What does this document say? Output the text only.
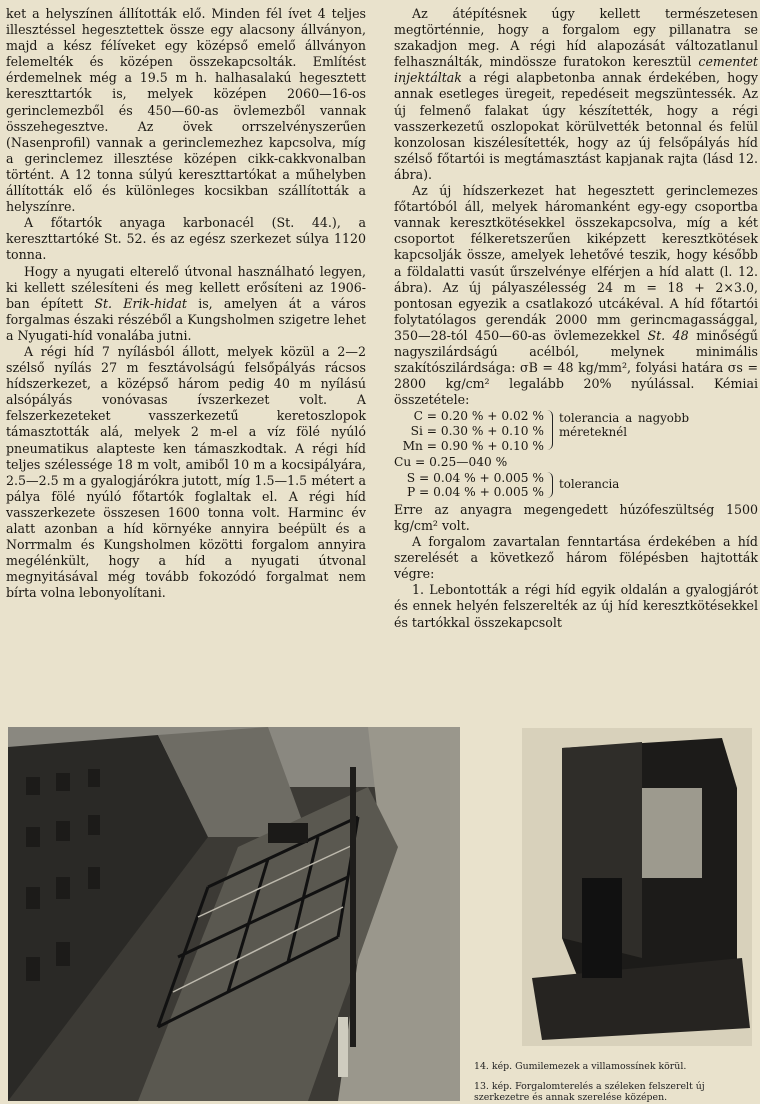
ket a helyszínen állították elő. Minden fél ívet 4 teljes illesztéssel hegesztettek össze egy alacsony állványon, majd a kész félíveket egy középső emelő állványon felemelték és középen összekapcsolták. Említést érdemelnek még a 19.5 m h. halhasalakú hegesztett kereszttartók is, melyek középen 2060—16-os gerinclemezből és 450—60-as övlemezből vannak összehegesztve. Az övek orrszelvényszerűen (Nasenprofil) vannak a gerinclemezhez kapcsolva, míg a gerinclemez illesztése középen cikk-cakkvonalban történt. A 12 tonna súlyú kereszttartókat a műhelyben állították elő és különleges kocsikban szállították a helyszínre.

A főtartók anyaga karbonacél (St. 44.), a kereszttartóké St. 52. és az egész szerkezet súlya 1120 tonna.

Hogy a nyugati elterelő útvonal használható legyen, ki kellett szélesíteni és meg kellett erősíteni az 1906-ban épített St. Erik-hidat is, amelyen át a város forgalmas északi részéből a Kungsholmen szigetre lehet a Nyugati-híd vonalába jutni.

A régi híd 7 nyílásból állott, melyek közül a 2—2 szélső nyílás 27 m fesztávolságú felsőpályás rácsos hídszerkezet, a középső három pedig 40 m nyílású alsópályás vonóvasas ívszerkezet volt. A felszerkezeteket vasszerkezetű keretoszlopok támasztották alá, melyek 2 m-el a víz fölé nyúló pneumatikus alapteste ken támaszkodtak. A régi híd teljes szélessége 18 m volt, amiből 10 m a kocsipályára, 2.5—2.5 m a gyalogjárókra jutott, míg 1.5—1.5 métert a pálya fölé nyúló főtartók foglaltak el. A régi híd vasszerkezete összesen 1600 tonna volt. Harminc év alatt azonban a híd környéke annyira beépült és a Norrmalm és Kungsholmen közötti forgalom annyira megélénkült, hogy a híd a nyugati útvonal megnyitásával még tovább fokozódó forgalmat nem bírta volna lebonyolítani.

Az átépítésnek úgy kellett természetesen megtörténnie, hogy a forgalom egy pillanatra se szakadjon meg. A régi híd alapozását változatlanul felhasználták, mindössze furatokon keresztül cementet injektáltak a régi alapbetonba annak érdekében, hogy annak esetleges üregeit, repedéseit megszüntessék. Az új felmenő falakat úgy készítették, hogy a régi vasszerkezetű oszlopokat körülvették betonnal és felül konzolosan kiszélesítették, hogy az új felsőpályás híd szélső főtartói is megtámasztást kapjanak rajta (lásd 12. ábra).

Az új hídszerkezet hat hegesztett gerinclemezes főtartóból áll, melyek háromanként egy-egy csoportba vannak keresztkötésekkel összekapcsolva, míg a két csoportot félkeretszerűen kiképzett keresztkötések kapcsolják össze, amelyek lehetővé teszik, hogy később a földalatti vasút űrszelvénye elférjen a híd alatt (l. 12. ábra). Az új pályaszélesség 24 m = 18 + 2×3.0, pontosan egyezik a csatlakozó utcákéval. A híd főtartói folytatólagos gerendák 2000 mm gerincmagassággal, 350—28-tól 450—60-as övlemezekkel St. 48 minőségű nagyszilárdságú acélból, melynek minimális szakítószilárdsága: σB = 48 kg/mm², folyási határa σs = 2800 kg/cm² legalább 20% nyúlással. Kémiai összetétele:

C = 0.20 % + 0.02 %
Si = 0.30 % + 0.10 %
Mn = 0.90 % + 0.10 %
tolerancia a nagyobb méreteknél
Cu = 0.25—040 %
S = 0.04 % + 0.005 %
P = 0.04 % + 0.005 %
tolerancia

Erre az anyagra megengedett húzófeszültség 1500 kg/cm² volt.

A forgalom zavartalan fenntartása érdekében a híd szerelését a következő három fölépésben hajtották végre:

1. Lebontották a régi híd egyik oldalán a gyalogjárót és ennek helyén felszerelték az új híd keresztkötésekkel és tartókkal összekapcsolt

14. kép. Gumilemezek a villamossínek körül.
13. kép. Forgalomterelés a széleken felszerelt új szerkezetre és annak szerelése középen.
